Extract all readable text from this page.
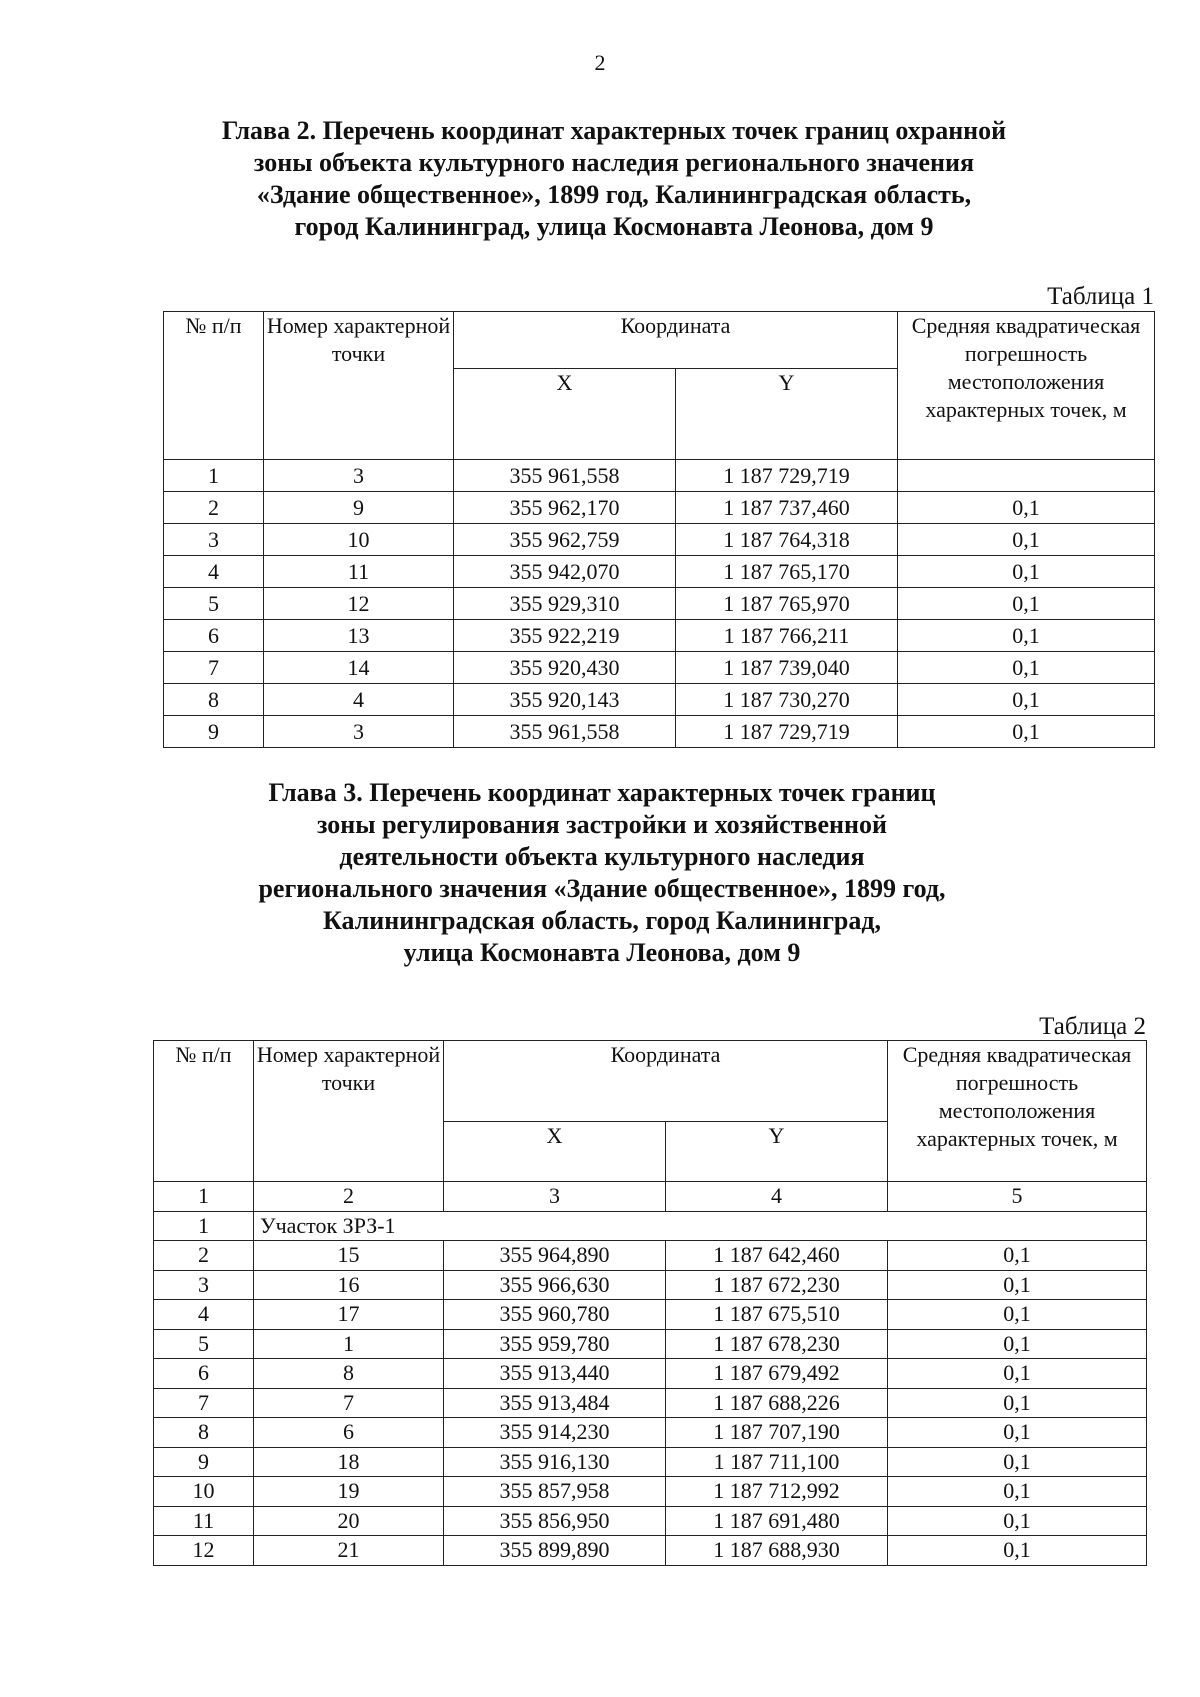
2
Глава 2. Перечень координат характерных точек границ охранной
зоны объекта культурного наследия регионального значения
«Здание общественное», 1899 год, Калининградская область,
город Калининград, улица Космонавта Леонова, дом 9
Таблица 1
№ п/п	Номер характерной точки	Координата		Средняя квадратическая погрешность местоположения характерных точек, м
		X	Y	
1	3	355 961,558	1 187 729,719	
2	9	355 962,170	1 187 737,460	0,1
3	10	355 962,759	1 187 764,318	0,1
4	11	355 942,070	1 187 765,170	0,1
5	12	355 929,310	1 187 765,970	0,1
6	13	355 922,219	1 187 766,211	0,1
7	14	355 920,430	1 187 739,040	0,1
8	4	355 920,143	1 187 730,270	0,1
9	3	355 961,558	1 187 729,719	0,1
Глава 3. Перечень координат характерных точек границ
зоны регулирования застройки и хозяйственной
деятельности объекта культурного наследия
регионального значения «Здание общественное», 1899 год,
Калининградская область, город Калининград,
улица Космонавта Леонова, дом 9
Таблица 2
№ п/п	Номер характерной точки	Координата		Средняя квадратическая погрешность местоположения характерных точек, м
		X	Y	
1	2	3	4	5
1	Участок ЗРЗ-1			
2	15	355 964,890	1 187 642,460	0,1
3	16	355 966,630	1 187 672,230	0,1
4	17	355 960,780	1 187 675,510	0,1
5	1	355 959,780	1 187 678,230	0,1
6	8	355 913,440	1 187 679,492	0,1
7	7	355 913,484	1 187 688,226	0,1
8	6	355 914,230	1 187 707,190	0,1
9	18	355 916,130	1 187 711,100	0,1
10	19	355 857,958	1 187 712,992	0,1
11	20	355 856,950	1 187 691,480	0,1
12	21	355 899,890	1 187 688,930	0,1
